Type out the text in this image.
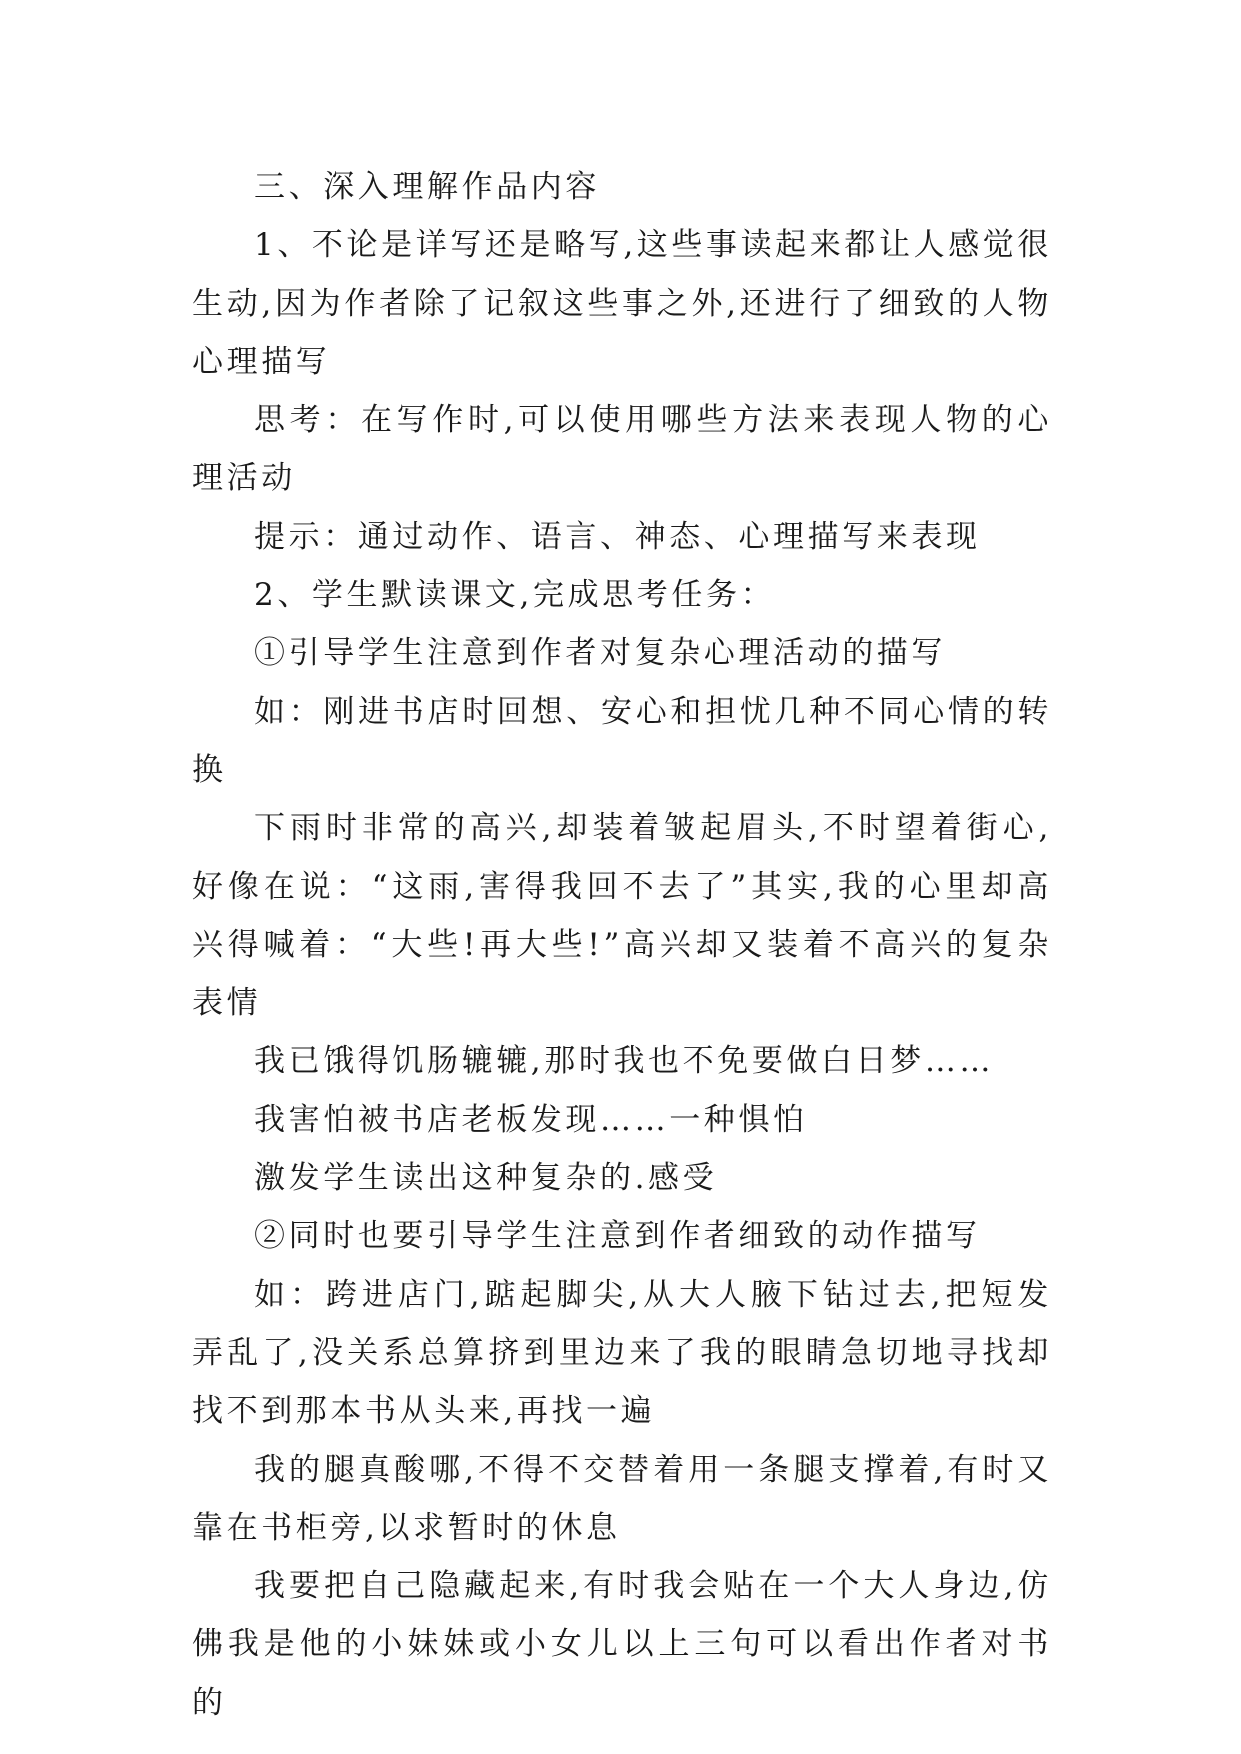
三、深入理解作品内容

1、不论是详写还是略写,这些事读起来都让人感觉很生动,因为作者除了记叙这些事之外,还进行了细致的人物心理描写

思考：在写作时,可以使用哪些方法来表现人物的心理活动

提示：通过动作、语言、神态、心理描写来表现

2、学生默读课文,完成思考任务：

①引导学生注意到作者对复杂心理活动的描写

如：刚进书店时回想、安心和担忧几种不同心情的转换

下雨时非常的高兴,却装着皱起眉头,不时望着街心,好像在说：“这雨,害得我回不去了”其实,我的心里却高兴得喊着：“大些!再大些!”高兴却又装着不高兴的复杂表情

我已饿得饥肠辘辘,那时我也不免要做白日梦……

我害怕被书店老板发现……一种惧怕

激发学生读出这种复杂的.感受

②同时也要引导学生注意到作者细致的动作描写

如：跨进店门,踮起脚尖,从大人腋下钻过去,把短发弄乱了,没关系总算挤到里边来了我的眼睛急切地寻找却找不到那本书从头来,再找一遍

我的腿真酸哪,不得不交替着用一条腿支撑着,有时又靠在书柜旁,以求暂时的休息

我要把自己隐藏起来,有时我会贴在一个大人身边,仿佛我是他的小妹妹或小女儿以上三句可以看出作者对书的
